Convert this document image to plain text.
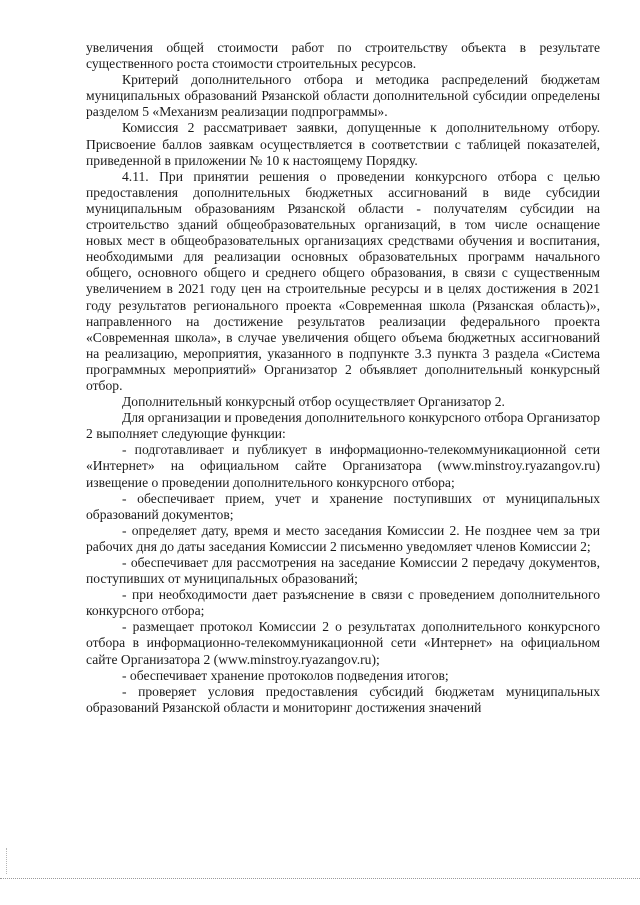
увеличения общей стоимости работ по строительству объекта в результате существенного роста стоимости строительных ресурсов.

Критерий дополнительного отбора и методика распределений бюджетам муниципальных образований Рязанской области дополнительной субсидии определены разделом 5 «Механизм реализации подпрограммы».

Комиссия 2 рассматривает заявки, допущенные к дополнительному отбору. Присвоение баллов заявкам осуществляется в соответствии с таблицей показателей, приведенной в приложении № 10 к настоящему Порядку.

4.11. При принятии решения о проведении конкурсного отбора с целью предоставления дополнительных бюджетных ассигнований в виде субсидии муниципальным образованиям Рязанской области - получателям субсидии на строительство зданий общеобразовательных организаций, в том числе оснащение новых мест в общеобразовательных организациях средствами обучения и воспитания, необходимыми для реализации основных образовательных программ начального общего, основного общего и среднего общего образования, в связи с существенным увеличением в 2021 году цен на строительные ресурсы и в целях достижения в 2021 году результатов регионального проекта «Современная школа (Рязанская область)», направленного на достижение результатов реализации федерального проекта «Современная школа», в случае увеличения общего объема бюджетных ассигнований на реализацию, мероприятия, указанного в подпункте 3.3 пункта 3 раздела «Система программных мероприятий» Организатор 2 объявляет дополнительный конкурсный отбор.

Дополнительный конкурсный отбор осуществляет Организатор 2.

Для организации и проведения дополнительного конкурсного отбора Организатор 2 выполняет следующие функции:

- подготавливает и публикует в информационно-телекоммуникационной сети «Интернет» на официальном сайте Организатора (www.minstroy.ryazangov.ru) извещение о проведении дополнительного конкурсного отбора;

- обеспечивает прием, учет и хранение поступивших от муниципальных образований документов;

- определяет дату, время и место заседания Комиссии 2. Не позднее чем за три рабочих дня до даты заседания Комиссии 2 письменно уведомляет членов Комиссии 2;

- обеспечивает для рассмотрения на заседание Комиссии 2 передачу документов, поступивших от муниципальных образований;

- при необходимости дает разъяснение в связи с проведением дополнительного конкурсного отбора;

- размещает протокол Комиссии 2 о результатах дополнительного конкурсного отбора в информационно-телекоммуникационной сети «Интернет» на официальном сайте Организатора 2 (www.minstroy.ryazangov.ru);

- обеспечивает хранение протоколов подведения итогов;

- проверяет условия предоставления субсидий бюджетам муниципальных образований Рязанской области и мониторинг достижения значений
